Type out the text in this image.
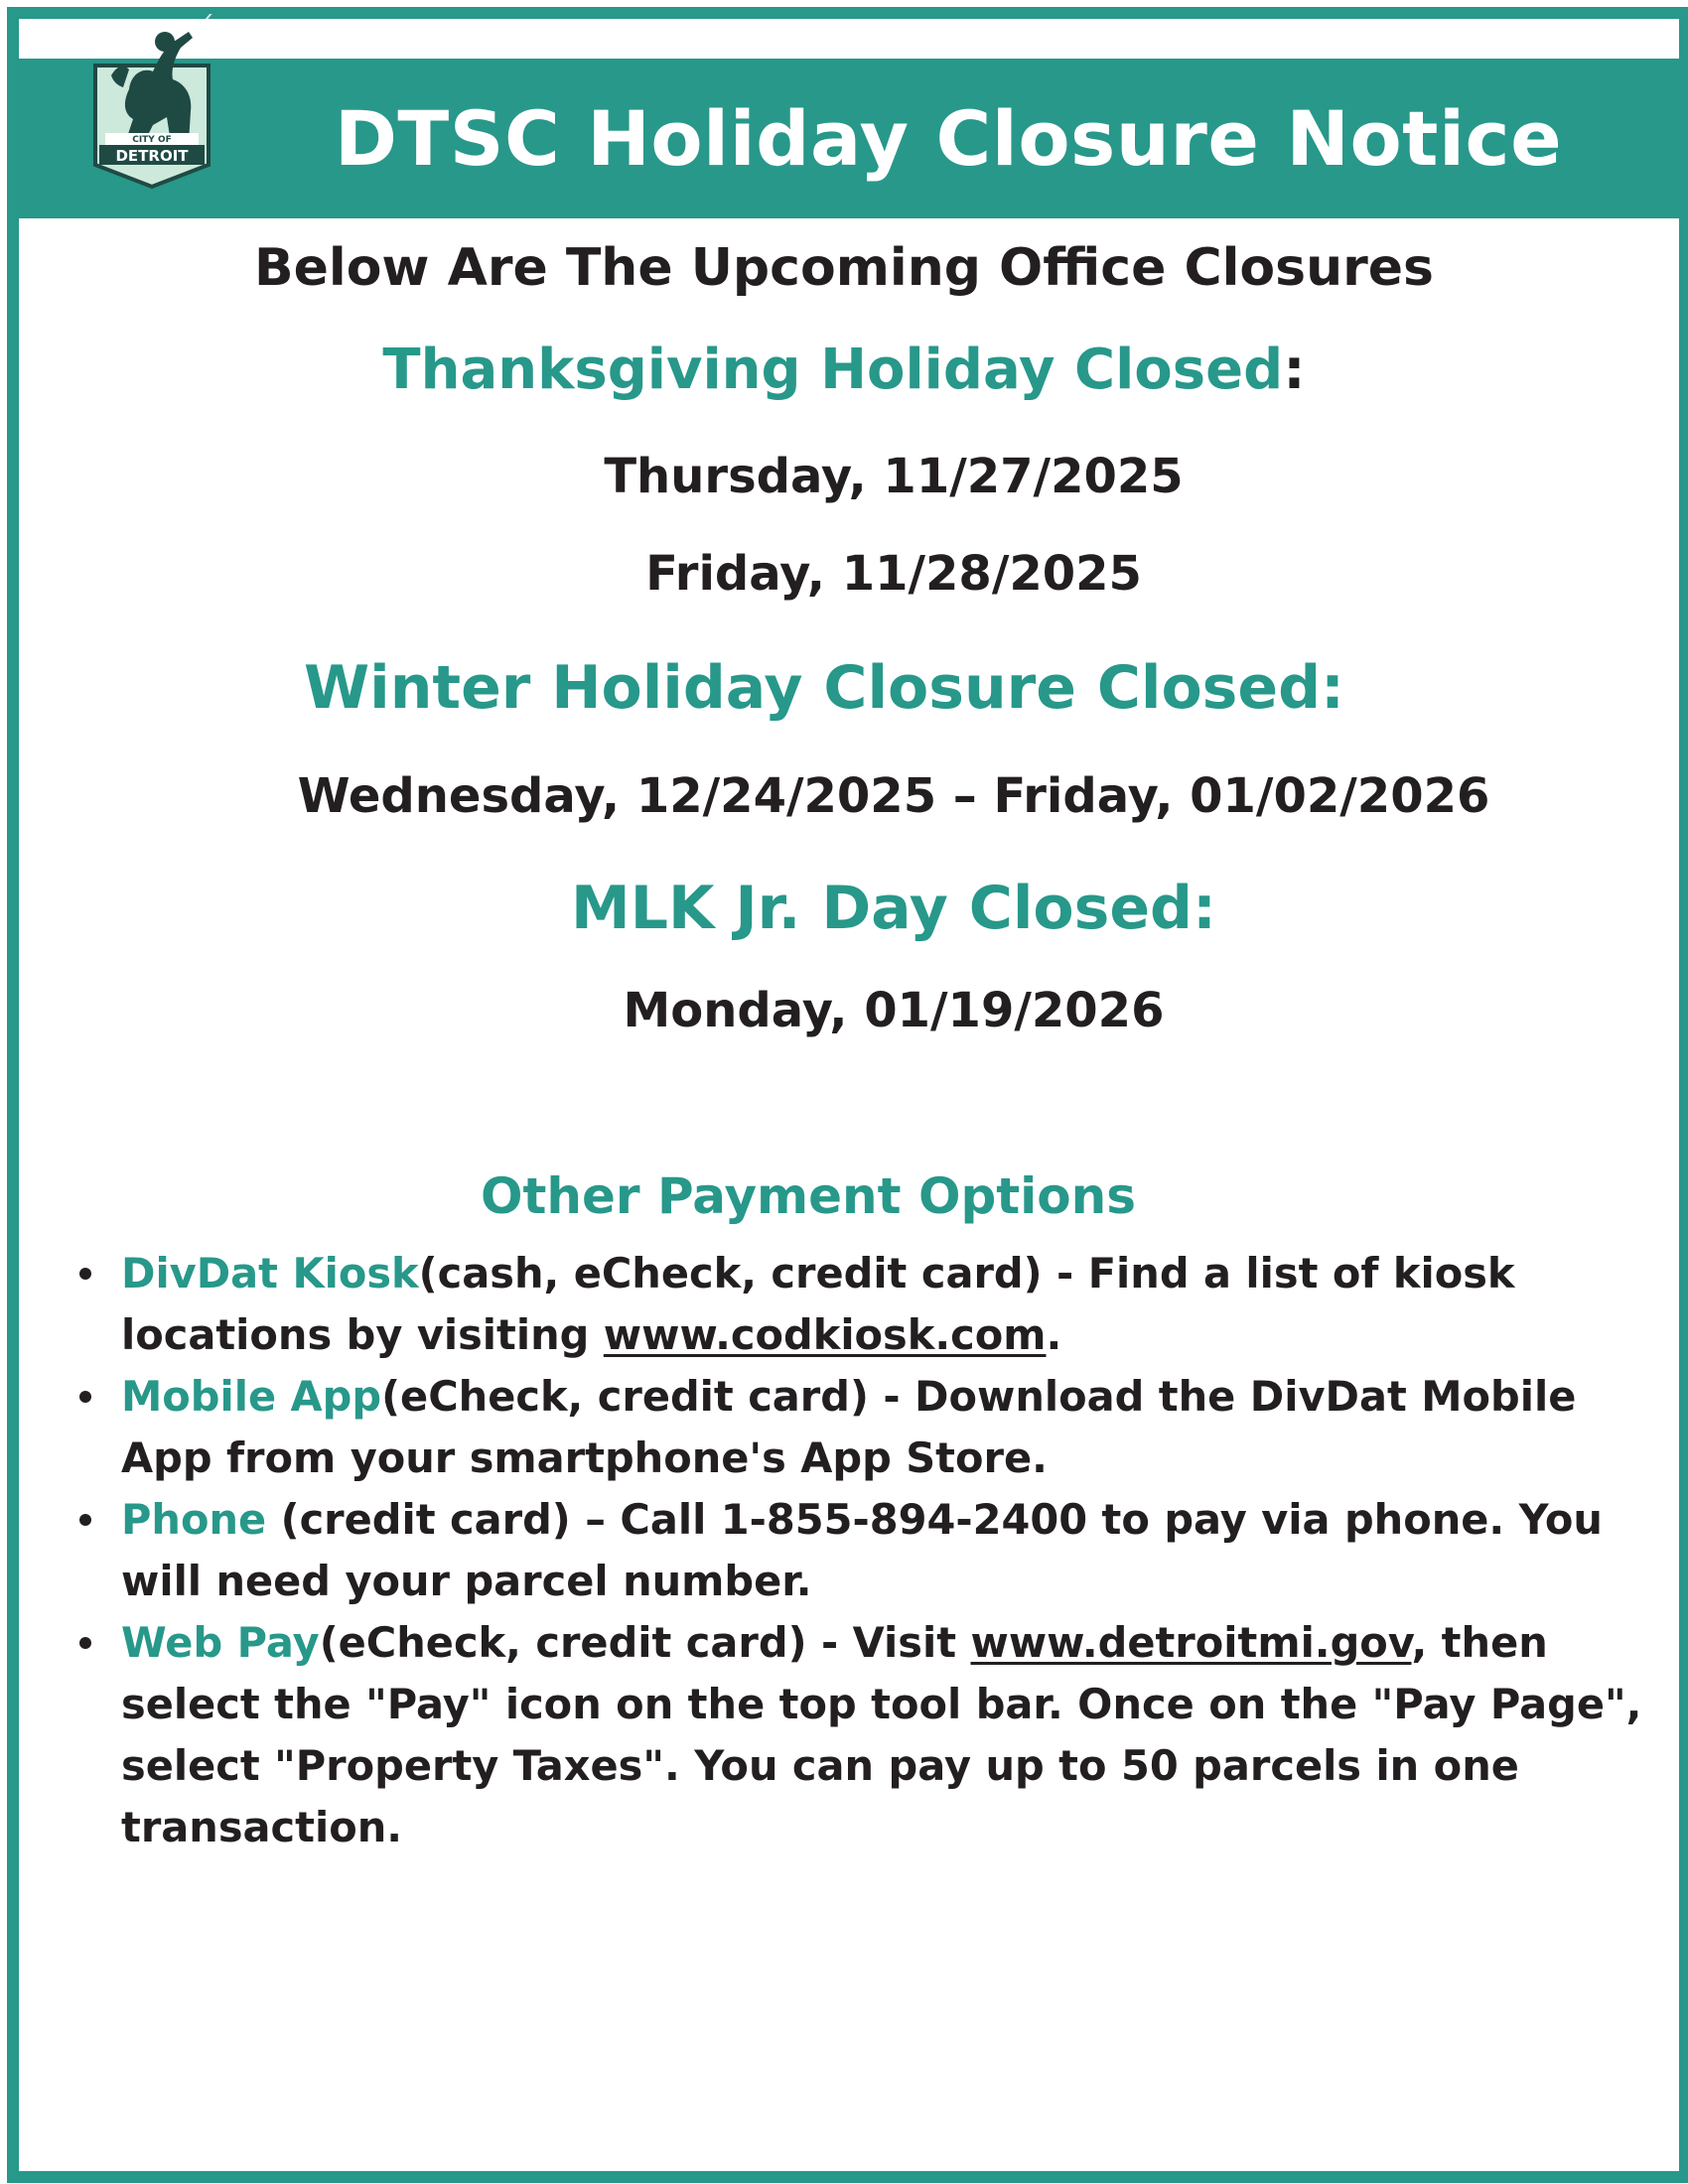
CITY OF
DETROIT	DTSC Holiday Closure Notice
Below Are The Upcoming Office Closures
Thanksgiving Holiday Closed:
Thursday, 11/27/2025
Friday, 11/28/2025
Winter Holiday Closure Closed:
Wednesday, 12/24/2025 – Friday, 01/02/2026
MLK Jr. Day Closed:
Monday, 01/19/2026
Other Payment Options
DivDat Kiosk(cash, eCheck, credit card) - Find a list of kiosk locations by visiting www.codkiosk.com.
Mobile App(eCheck, credit card) - Download the DivDat Mobile App from your smartphone's App Store.
Phone (credit card) – Call 1-855-894-2400 to pay via phone. You will need your parcel number.
Web Pay(eCheck, credit card) - Visit www.detroitmi.gov, then select the "Pay" icon on the top tool bar. Once on the "Pay Page", select "Property Taxes". You can pay up to 50 parcels in one transaction.
